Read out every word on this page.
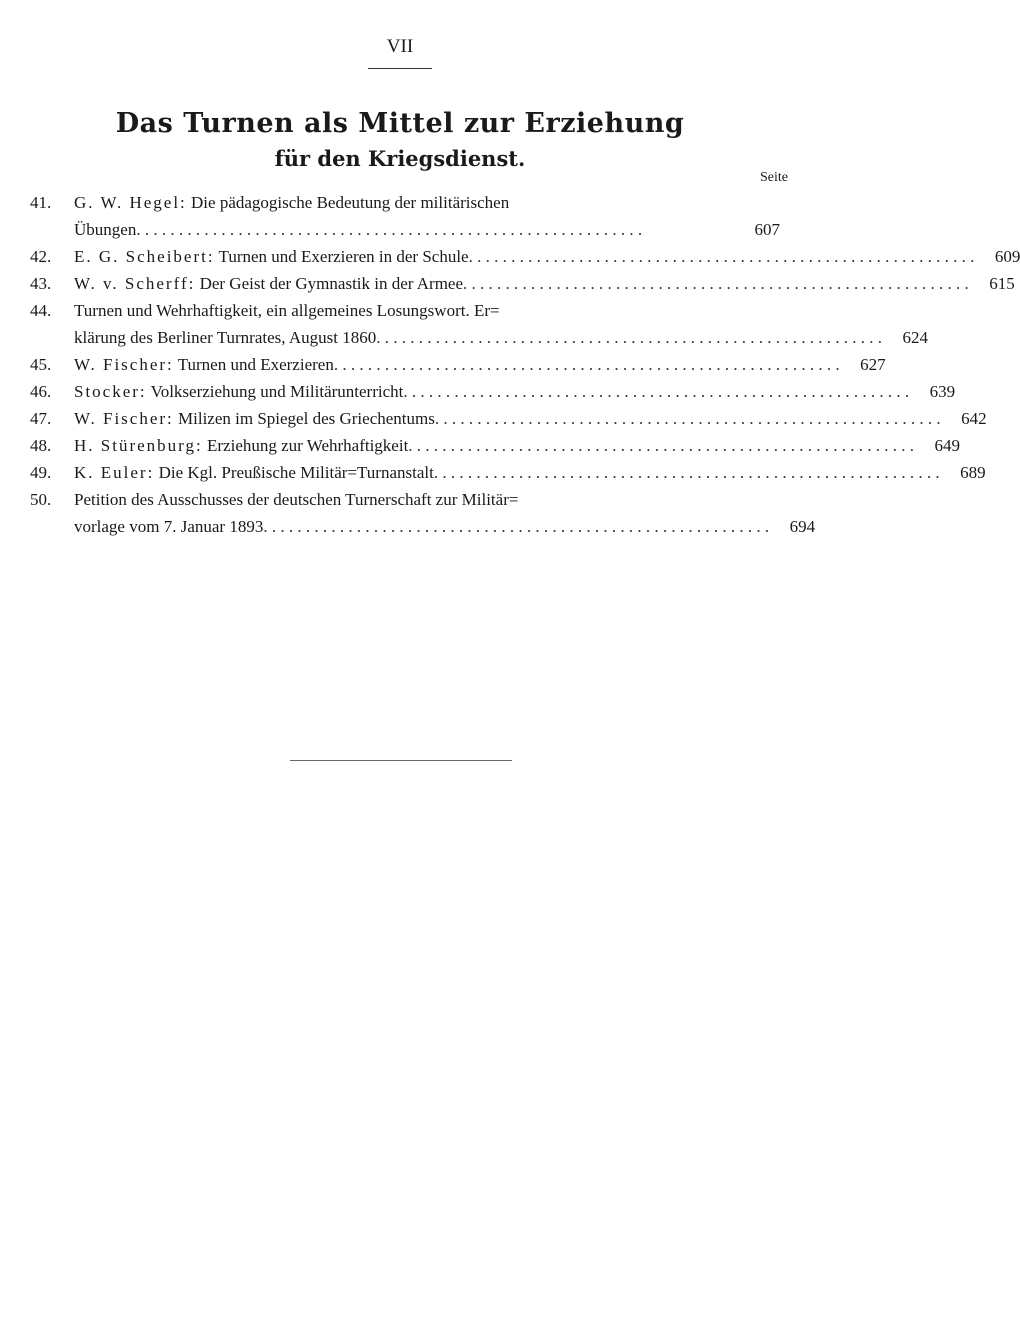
VII
Das Turnen als Mittel zur Erziehung
für den Kriegsdienst.
Seite
41.	G. W. Hegel: Die pädagogische Bedeutung der militärischen
Übungen . . .	607
42.	E. G. Scheibert: Turnen und Exerzieren in der Schule . . .	609
43.	W. v. Scherff: Der Geist der Gymnastik in der Armee . . .	615
44.	Turnen und Wehrhaftigkeit, ein allgemeines Losungswort. Er=
klärung des Berliner Turnrates, August 1860 . . .	624
45.	W. Fischer: Turnen und Exerzieren . . .	627
46.	Stocker: Volkserziehung und Militärunterricht . . .	639
47.	W. Fischer: Milizen im Spiegel des Griechentums . . .	642
48.	H. Stürenburg: Erziehung zur Wehrhaftigkeit . . .	649
49.	K. Euler: Die Kgl. Preußische Militär=Turnanstalt . . .	689
50.	Petition des Ausschusses der deutschen Turnerschaft zur Militär=
vorlage vom 7. Januar 1893 . . .	694
